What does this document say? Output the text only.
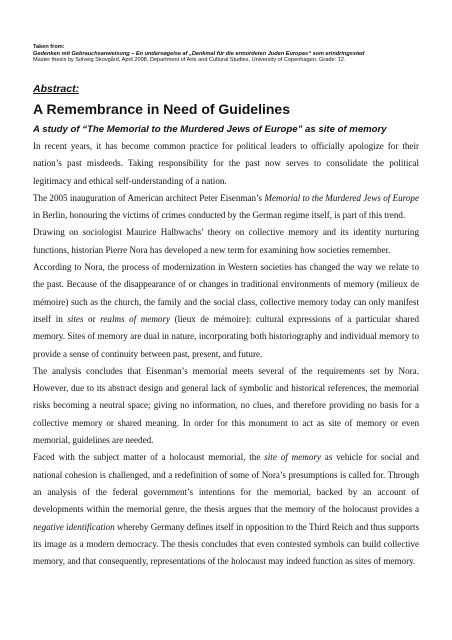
Taken from:
Gedenken mit Gebrauchsanweisung – En undersøgelse af „Denkmal für die ermordeten Juden Europas“ som erindringssted
Master thesis by Solveig Skovgård, April 2008. Department of Arts and Cultural Studies, University of Copenhagen. Grade: 12.
Abstract:
A Remembrance in Need of Guidelines
A study of “The Memorial to the Murdered Jews of Europe” as site of memory

In recent years, it has become common practice for political leaders to officially apologize for their nation’s past misdeeds. Taking responsibility for the past now serves to consolidate the political legitimacy and ethical self-understanding of a nation.

The 2005 inauguration of American architect Peter Eisenman’s Memorial to the Murdered Jews of Europe in Berlin, honouring the victims of crimes conducted by the German regime itself, is part of this trend.

Drawing on sociologist Maurice Halbwachs’ theory on collective memory and its identity nurturing functions, historian Pierre Nora has developed a new term for examining how societies remember.

According to Nora, the process of modernization in Western societies has changed the way we relate to the past. Because of the disappearance of or changes in traditional environments of memory (milieux de mémoire) such as the church, the family and the social class, collective memory today can only manifest itself in sites or realms of memory (lieux de mémoire): cultural expressions of a particular shared memory. Sites of memory are dual in nature, incorporating both historiography and individual memory to provide a sense of continuity between past, present, and future.

The analysis concludes that Eisenman’s memorial meets several of the requirements set by Nora. However, due to its abstract design and general lack of symbolic and historical references, the memorial risks becoming a neutral space; giving no information, no clues, and therefore providing no basis for a collective memory or shared meaning. In order for this monument to act as site of memory or even memorial, guidelines are needed.

Faced with the subject matter of a holocaust memorial, the site of memory as vehicle for social and national cohesion is challenged, and a redefinition of some of Nora’s presumptions is called for. Through an analysis of the federal government’s intentions for the memorial, backed by an account of developments within the memorial genre, the thesis argues that the memory of the holocaust provides a negative identification whereby Germany defines itself in opposition to the Third Reich and thus supports its image as a modern democracy. The thesis concludes that even contested symbols can build collective memory, and that consequently, representations of the holocaust may indeed function as sites of memory.
